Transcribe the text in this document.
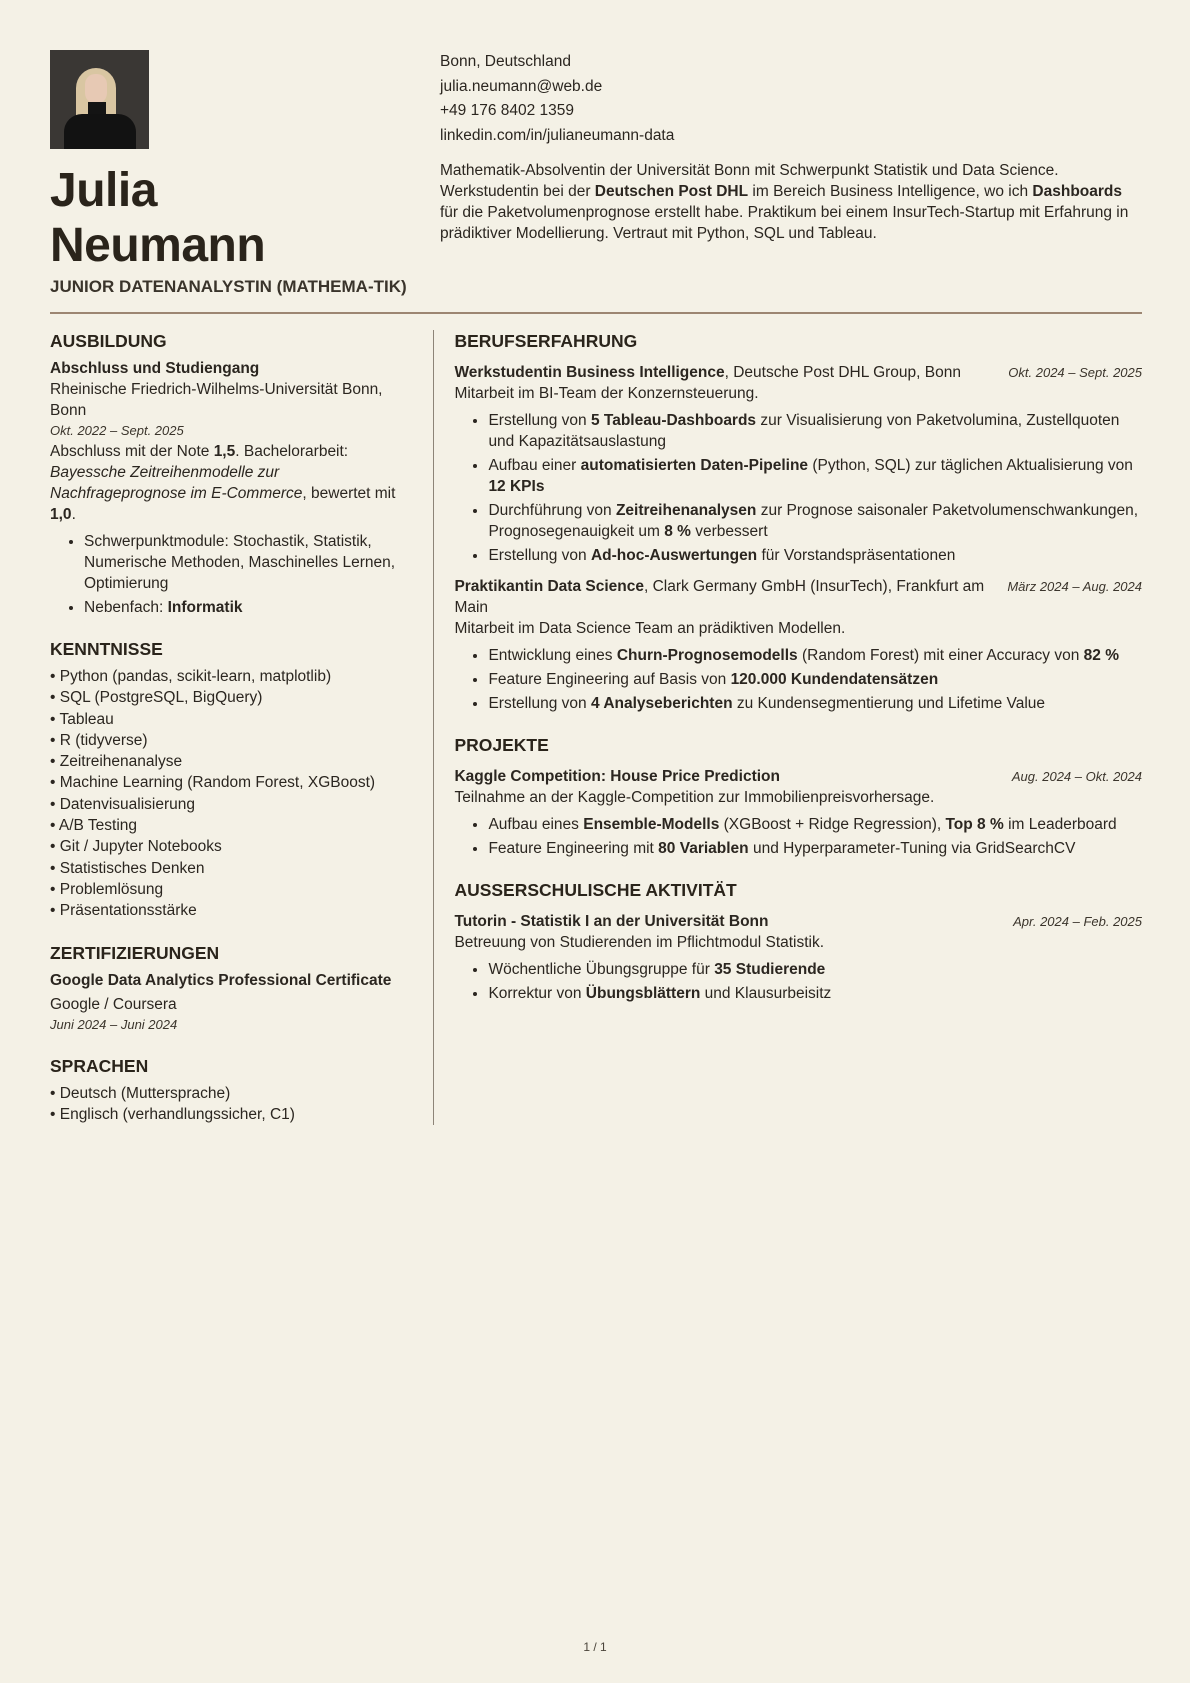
Julia
Neumann
JUNIOR DATENANALYSTIN (MATHEMA-TIK)
Bonn, Deutschland
julia.neumann@web.de
+49 176 8402 1359
linkedin.com/in/julianeumann-data
Mathematik-Absolventin der Universität Bonn mit Schwerpunkt Statistik und Data Science. Werkstudentin bei der Deutschen Post DHL im Bereich Business Intelligence, wo ich Dashboards für die Paketvolumenprognose erstellt habe. Praktikum bei einem InsurTech-Startup mit Erfahrung in prädiktiver Modellierung. Vertraut mit Python, SQL und Tableau.
AUSBILDUNG
Abschluss und Studiengang
Rheinische Friedrich-Wilhelms-Universität Bonn, Bonn
Okt. 2022 – Sept. 2025
Abschluss mit der Note 1,5. Bachelorarbeit: Bayessche Zeitreihenmodelle zur Nachfrageprognose im E-Commerce, bewertet mit 1,0.
• Schwerpunktmodule: Stochastik, Statistik, Numerische Methoden, Maschinelles Lernen, Optimierung
• Nebenfach: Informatik
KENNTNISSE
• Python (pandas, scikit-learn, matplotlib)
• SQL (PostgreSQL, BigQuery)
• Tableau
• R (tidyverse)
• Zeitreihenanalyse
• Machine Learning (Random Forest, XGBoost)
• Datenvisualisierung
• A/B Testing
• Git / Jupyter Notebooks
• Statistisches Denken
• Problemlösung
• Präsentationsstärke
ZERTIFIZIERUNGEN
Google Data Analytics Professional Certificate
Google / Coursera
Juni 2024 – Juni 2024
SPRACHEN
• Deutsch (Muttersprache)
• Englisch (verhandlungssicher, C1)
BERUFSERFAHRUNG
Werkstudentin Business Intelligence, Deutsche Post DHL Group, Bonn	Okt. 2024 – Sept. 2025
Mitarbeit im BI-Team der Konzernsteuerung.
• Erstellung von 5 Tableau-Dashboards zur Visualisierung von Paketvolumina, Zustellquoten und Kapazitätsauslastung
• Aufbau einer automatisierten Daten-Pipeline (Python, SQL) zur täglichen Aktualisierung von 12 KPIs
• Durchführung von Zeitreihenanalysen zur Prognose saisonaler Paketvolumenschwankungen, Prognosegenauigkeit um 8 % verbessert
• Erstellung von Ad-hoc-Auswertungen für Vorstandspräsentationen
Praktikantin Data Science, Clark Germany GmbH (InsurTech), Frankfurt am Main
März 2024 – Aug. 2024
Mitarbeit im Data Science Team an prädiktiven Modellen.
• Entwicklung eines Churn-Prognosemodells (Random Forest) mit einer Accuracy von 82 %
• Feature Engineering auf Basis von 120.000 Kundendatensätzen
• Erstellung von 4 Analyseberichten zu Kundensegmentierung und Lifetime Value
PROJEKTE
Kaggle Competition: House Price Prediction	Aug. 2024 – Okt. 2024
Teilnahme an der Kaggle-Competition zur Immobilienpreisvorhersage.
• Aufbau eines Ensemble-Modells (XGBoost + Ridge Regression), Top 8 % im Leaderboard
• Feature Engineering mit 80 Variablen und Hyperparameter-Tuning via GridSearchCV
AUSSERSCHULISCHE AKTIVITÄT
Tutorin - Statistik I an der Universität Bonn	Apr. 2024 – Feb. 2025
Betreuung von Studierenden im Pflichtmodul Statistik.
• Wöchentliche Übungsgruppe für 35 Studierende
• Korrektur von Übungsblättern und Klausurbeisitz
1 / 1
